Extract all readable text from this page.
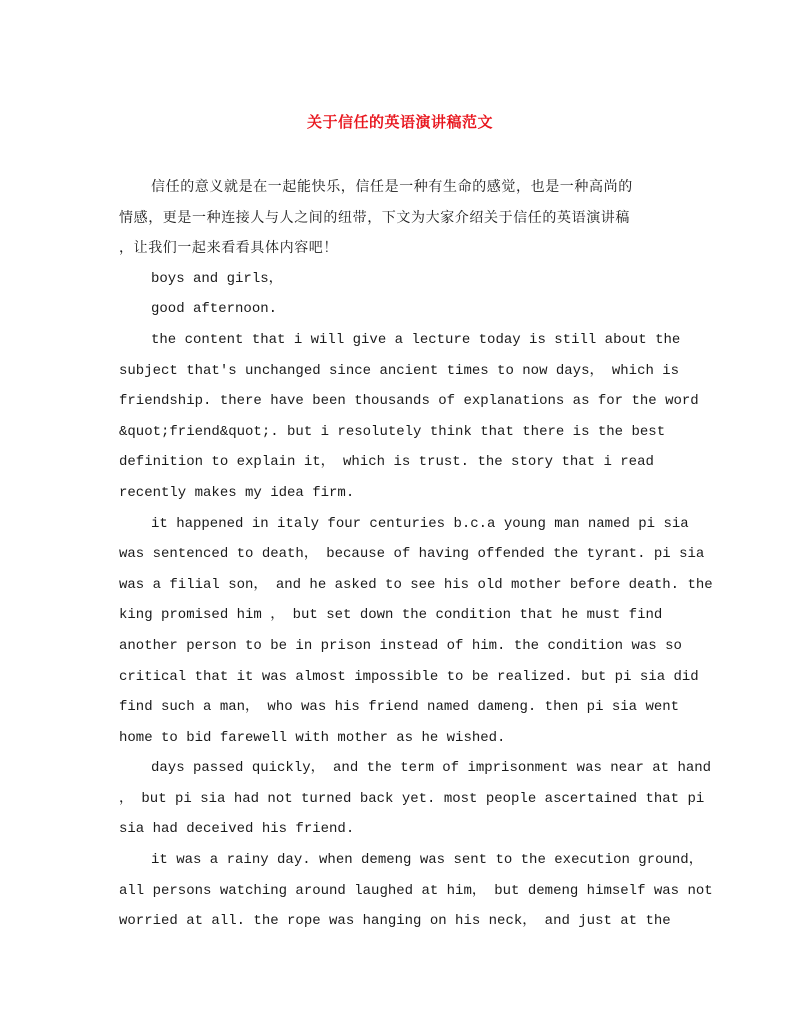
关于信任的英语演讲稿范文
信任的意义就是在一起能快乐，信任是一种有生命的感觉，也是一种高尚的
情感，更是一种连接人与人之间的纽带，下文为大家介绍关于信任的英语演讲稿
，让我们一起来看看具体内容吧！
boys and girls，
good afternoon.
the content that i will give a lecture today is still about the
subject that's unchanged since ancient times to now days， which is
friendship. there have been thousands of explanations as for the word
&quot;friend&quot;. but i resolutely think that there is the best
definition to explain it， which is trust. the story that i read
recently makes my idea firm.
it happened in italy four centuries b.c.a young man named pi sia
was sentenced to death， because of having offended the tyrant. pi sia
was a filial son， and he asked to see his old mother before death. the
king promised him ， but set down the condition that he must find
another person to be in prison instead of him. the condition was so
critical that it was almost impossible to be realized. but pi sia did
find such a man， who was his friend named dameng. then pi sia went
home to bid farewell with mother as he wished.
days passed quickly， and the term of imprisonment was near at hand
， but pi sia had not turned back yet. most people ascertained that pi
sia had deceived his friend.
it was a rainy day. when demeng was sent to the execution ground，
all persons watching around laughed at him， but demeng himself was not
worried at all. the rope was hanging on his neck， and just at the
